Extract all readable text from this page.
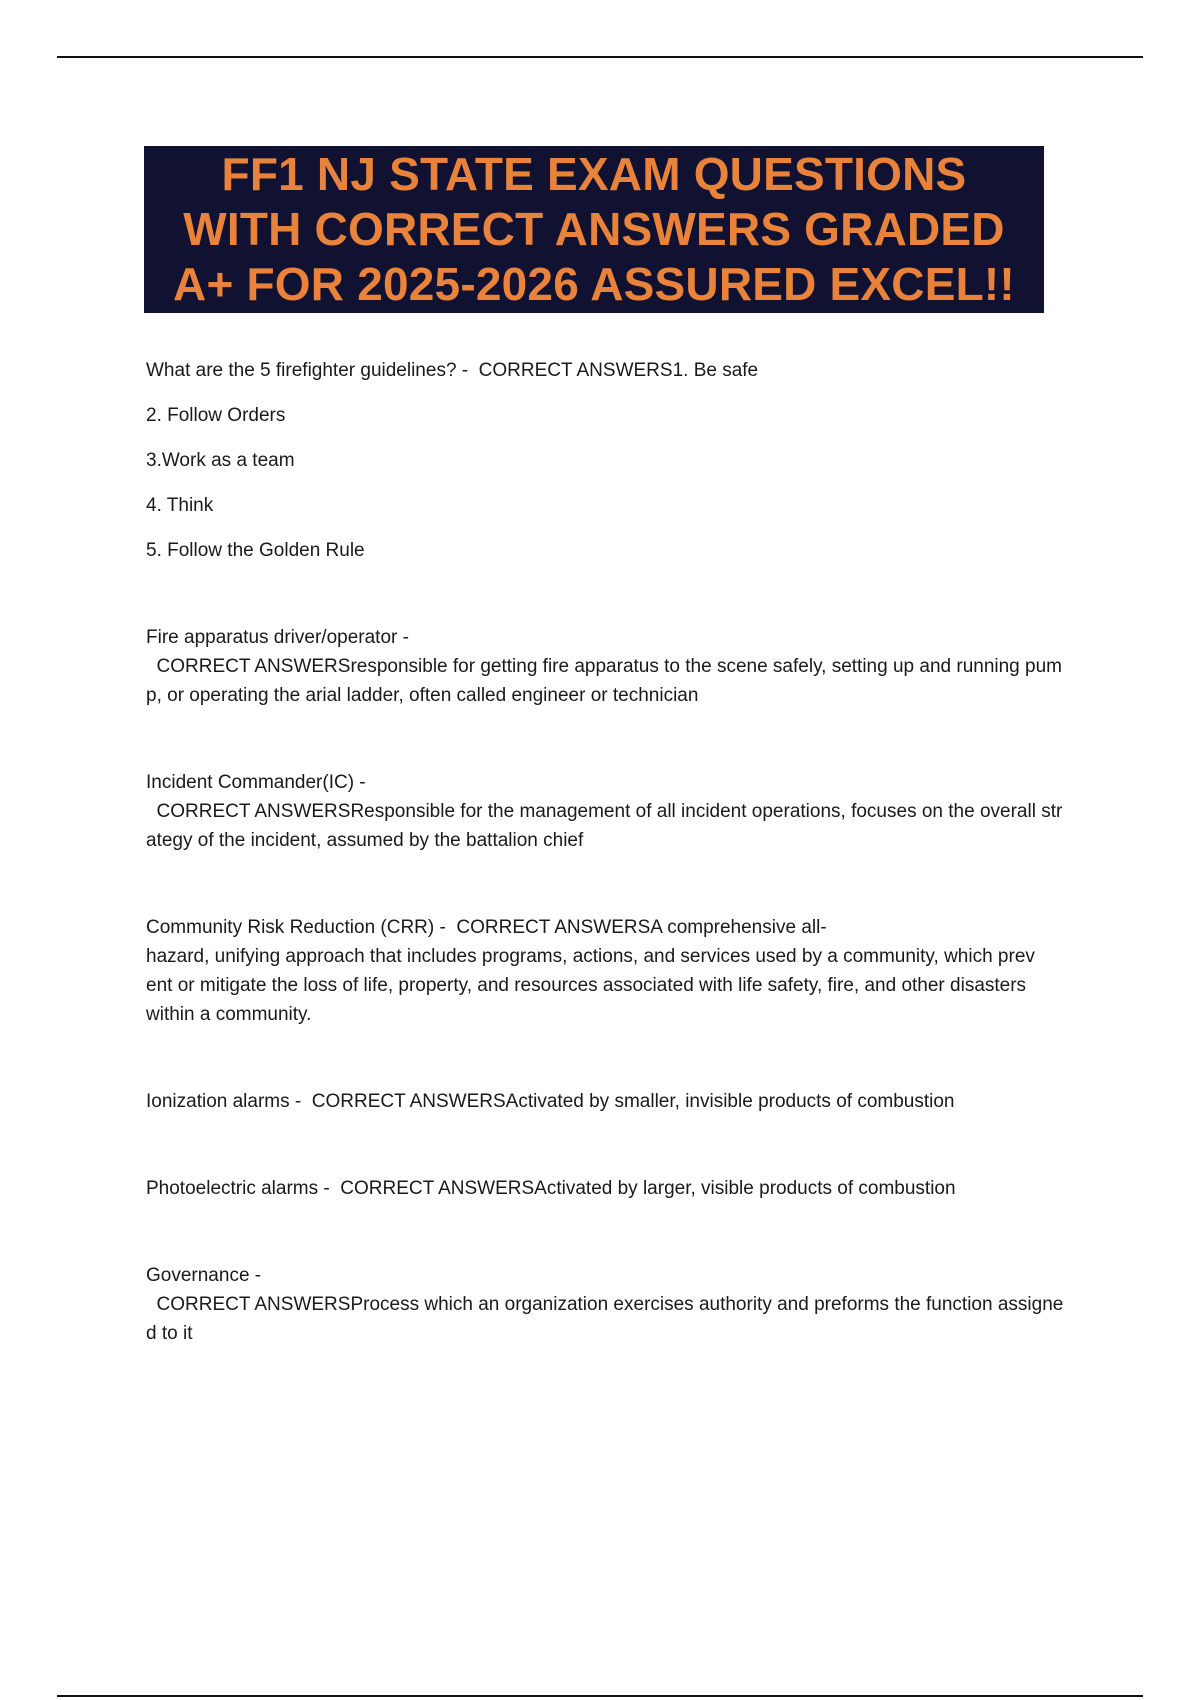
FF1 NJ STATE EXAM QUESTIONS
WITH CORRECT ANSWERS GRADED
A+ FOR 2025-2026 ASSURED EXCEL!!
What are the 5 firefighter guidelines? -  CORRECT ANSWERS1. Be safe
2. Follow Orders
3.Work as a team
4. Think
5. Follow the Golden Rule
Fire apparatus driver/operator -
CORRECT ANSWERSresponsible for getting fire apparatus to the scene safely, setting up and running pum
p, or operating the arial ladder, often called engineer or technician
Incident Commander(IC) -
CORRECT ANSWERSResponsible for the management of all incident operations, focuses on the overall str
ategy of the incident, assumed by the battalion chief
Community Risk Reduction (CRR) -  CORRECT ANSWERSA comprehensive all-
hazard, unifying approach that includes programs, actions, and services used by a community, which prev
ent or mitigate the loss of life, property, and resources associated with life safety, fire, and other disasters
within a community.
Ionization alarms -  CORRECT ANSWERSActivated by smaller, invisible products of combustion
Photoelectric alarms -  CORRECT ANSWERSActivated by larger, visible products of combustion
Governance -
CORRECT ANSWERSProcess which an organization exercises authority and preforms the function assigne
d to it
